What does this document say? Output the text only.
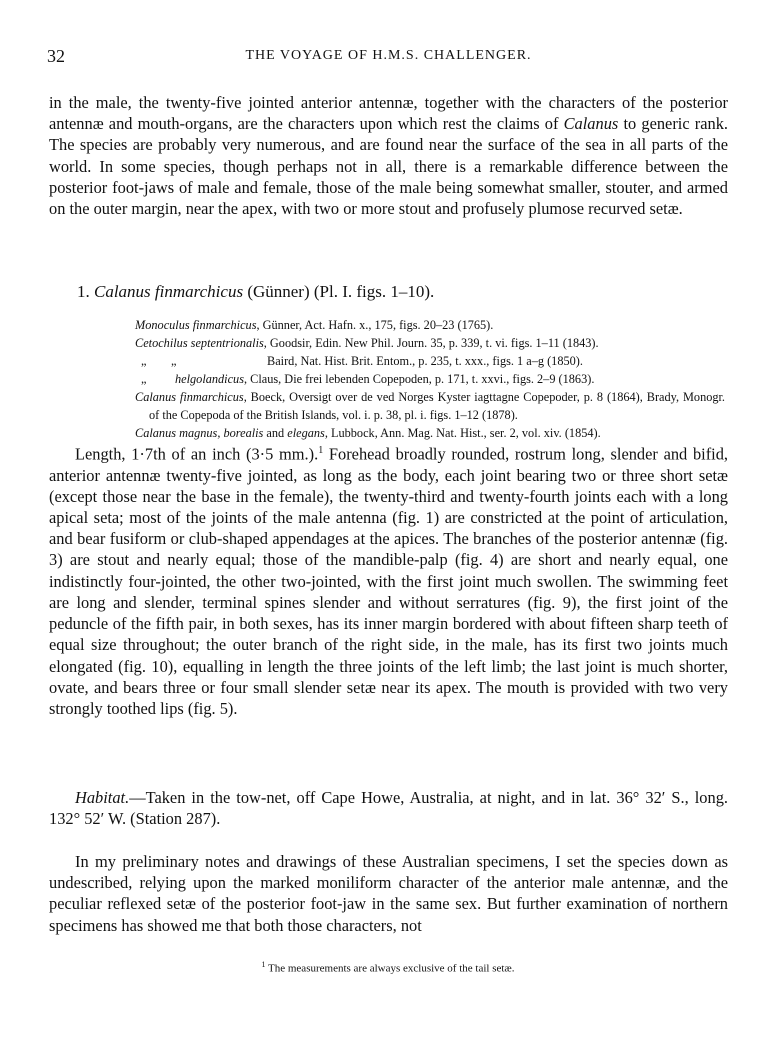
32	THE VOYAGE OF H.M.S. CHALLENGER.

in the male, the twenty-five jointed anterior antennæ, together with the characters of the posterior antennæ and mouth-organs, are the characters upon which rest the claims of Calanus to generic rank. The species are probably very numerous, and are found near the surface of the sea in all parts of the world. In some species, though perhaps not in all, there is a remarkable difference between the posterior foot-jaws of male and female, those of the male being somewhat smaller, stouter, and armed on the outer margin, near the apex, with two or more stout and profusely plumose recurved setæ.

1. Calanus finmarchicus (Günner) (Pl. I. figs. 1–10).

Monoculus finmarchicus, Günner, Act. Hafn. x., 175, figs. 20–23 (1765).

Cetochilus septentrionalis, Goodsir, Edin. New Phil. Journ. 35, p. 339, t. vi. figs. 1–11 (1843).

„        „	Baird, Nat. Hist. Brit. Entom., p. 235, t. xxx., figs. 1 a–g (1850).

„ helgolandicus, Claus, Die frei lebenden Copepoden, p. 171, t. xxvi., figs. 2–9 (1863).

Calanus finmarchicus, Boeck, Oversigt over de ved Norges Kyster iagttagne Copepoder, p. 8 (1864), Brady, Monogr. of the Copepoda of the British Islands, vol. i. p. 38, pl. i. figs. 1–12 (1878).

Calanus magnus, borealis and elegans, Lubbock, Ann. Mag. Nat. Hist., ser. 2, vol. xiv. (1854).

Length, 1·7th of an inch (3·5 mm.).$^1$ Forehead broadly rounded, rostrum long, slender and bifid, anterior antennæ twenty-five jointed, as long as the body, each joint bearing two or three short setæ (except those near the base in the female), the twenty-third and twenty-fourth joints each with a long apical seta; most of the joints of the male antenna (fig. 1) are constricted at the point of articulation, and bear fusiform or club-shaped appendages at the apices. The branches of the posterior antennæ (fig. 3) are stout and nearly equal; those of the mandible-palp (fig. 4) are short and nearly equal, one indistinctly four-jointed, the other two-jointed, with the first joint much swollen. The swimming feet are long and slender, terminal spines slender and without serratures (fig. 9), the first joint of the peduncle of the fifth pair, in both sexes, has its inner margin bordered with about fifteen sharp teeth of equal size throughout; the outer branch of the right side, in the male, has its first two joints much elongated (fig. 10), equalling in length the three joints of the left limb; the last joint is much shorter, ovate, and bears three or four small slender setæ near its apex. The mouth is provided with two very strongly toothed lips (fig. 5).

Habitat.—Taken in the tow-net, off Cape Howe, Australia, at night, and in lat. 36° 32′ S., long. 132° 52′ W. (Station 287).

In my preliminary notes and drawings of these Australian specimens, I set the species down as undescribed, relying upon the marked moniliform character of the anterior male antennæ, and the peculiar reflexed setæ of the posterior foot-jaw in the same sex. But further examination of northern specimens has showed me that both those characters, not

$^1$ The measurements are always exclusive of the tail setæ.
